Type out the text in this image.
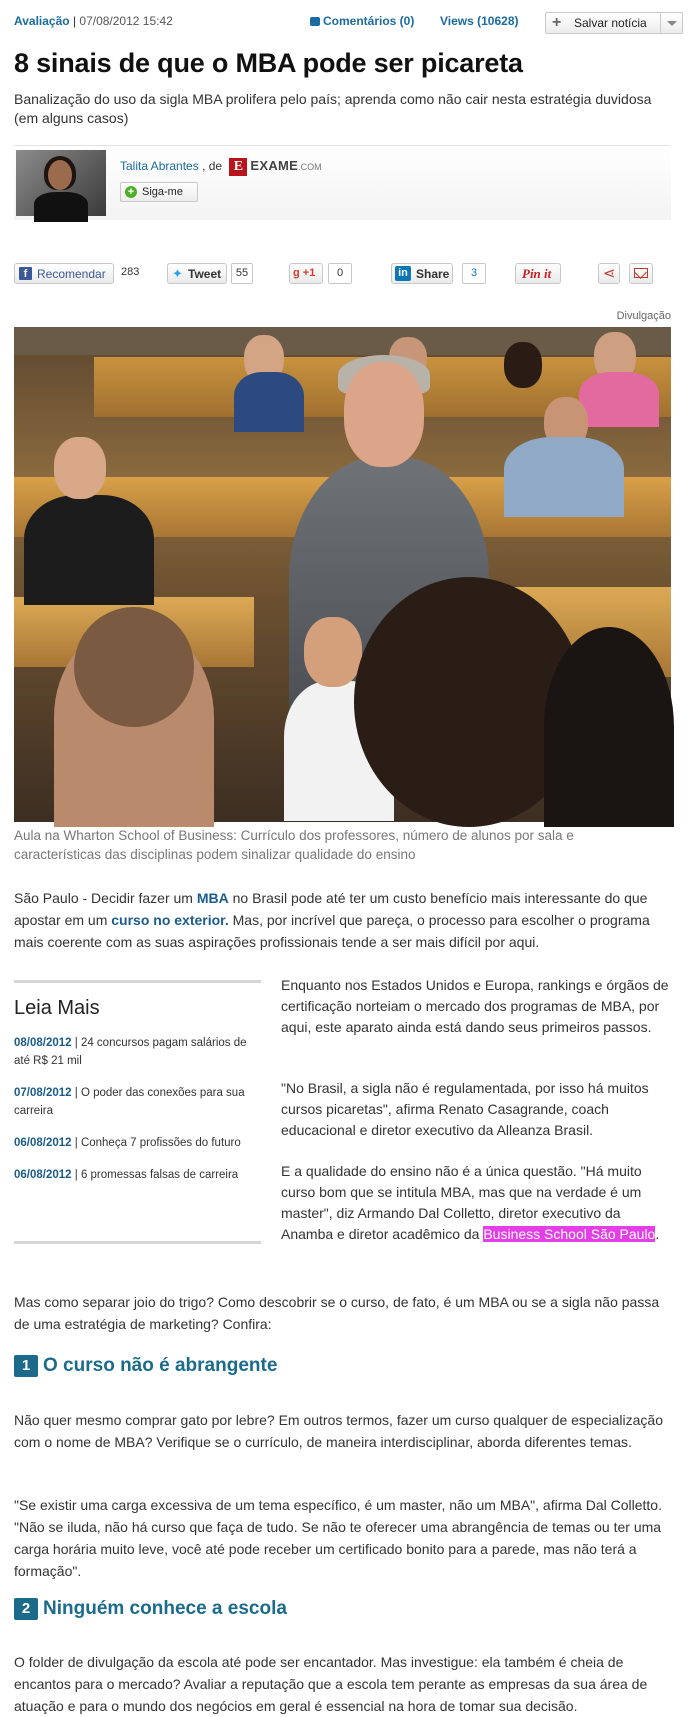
Avaliação | 07/08/2012 15:42	Comentários (0) Views (10628) + Salvar notícia
8 sinais de que o MBA pode ser picareta

Banalização do uso da sigla MBA prolifera pelo país; aprenda como não cair nesta estratégia duvidosa (em alguns casos)

Talita Abrantes , de E EXAME.COM
+ Siga-me
f Recomendar 283	✦ Tweet	55	g +1	0	in Share	3	Pin it
⋖
Divulgação

Aula na Wharton School of Business: Currículo dos professores, número de alunos por sala e características das disciplinas podem sinalizar qualidade do ensino

São Paulo - Decidir fazer um MBA no Brasil pode até ter um custo benefício mais interessante do que apostar em um curso no exterior. Mas, por incrível que pareça, o processo para escolher o programa mais coerente com as suas aspirações profissionais tende a ser mais difícil por aqui.

Leia Mais
08/08/2012 | 24 concursos pagam salários de até R$ 21 mil
07/08/2012 | O poder das conexões para sua carreira
06/08/2012 | Conheça 7 profissões do futuro
06/08/2012 | 6 promessas falsas de carreira

Enquanto nos Estados Unidos e Europa, rankings e órgãos de certificação norteiam o mercado dos programas de MBA, por aqui, este aparato ainda está dando seus primeiros passos.

"No Brasil, a sigla não é regulamentada, por isso há muitos cursos picaretas", afirma Renato Casagrande, coach educacional e diretor executivo da Alleanza Brasil.

E a qualidade do ensino não é a única questão. "Há muito curso bom que se intitula MBA, mas que na verdade é um master", diz Armando Dal Colletto, diretor executivo da Anamba e diretor acadêmico da Business School São Paulo.

Mas como separar joio do trigo? Como descobrir se o curso, de fato, é um MBA ou se a sigla não passa de uma estratégia de marketing? Confira:

1 O curso não é abrangente

Não quer mesmo comprar gato por lebre? Em outros termos, fazer um curso qualquer de especialização com o nome de MBA? Verifique se o currículo, de maneira interdisciplinar, aborda diferentes temas.

"Se existir uma carga excessiva de um tema específico, é um master, não um MBA", afirma Dal Colletto. "Não se iluda, não há curso que faça de tudo. Se não te oferecer uma abrangência de temas ou ter uma carga horária muito leve, você até pode receber um certificado bonito para a parede, mas não terá a formação".

2 Ninguém conhece a escola

O folder de divulgação da escola até pode ser encantador. Mas investigue: ela também é cheia de encantos para o mercado? Avaliar a reputação que a escola tem perante as empresas da sua área de atuação e para o mundo dos negócios em geral é essencial na hora de tomar sua decisão.
